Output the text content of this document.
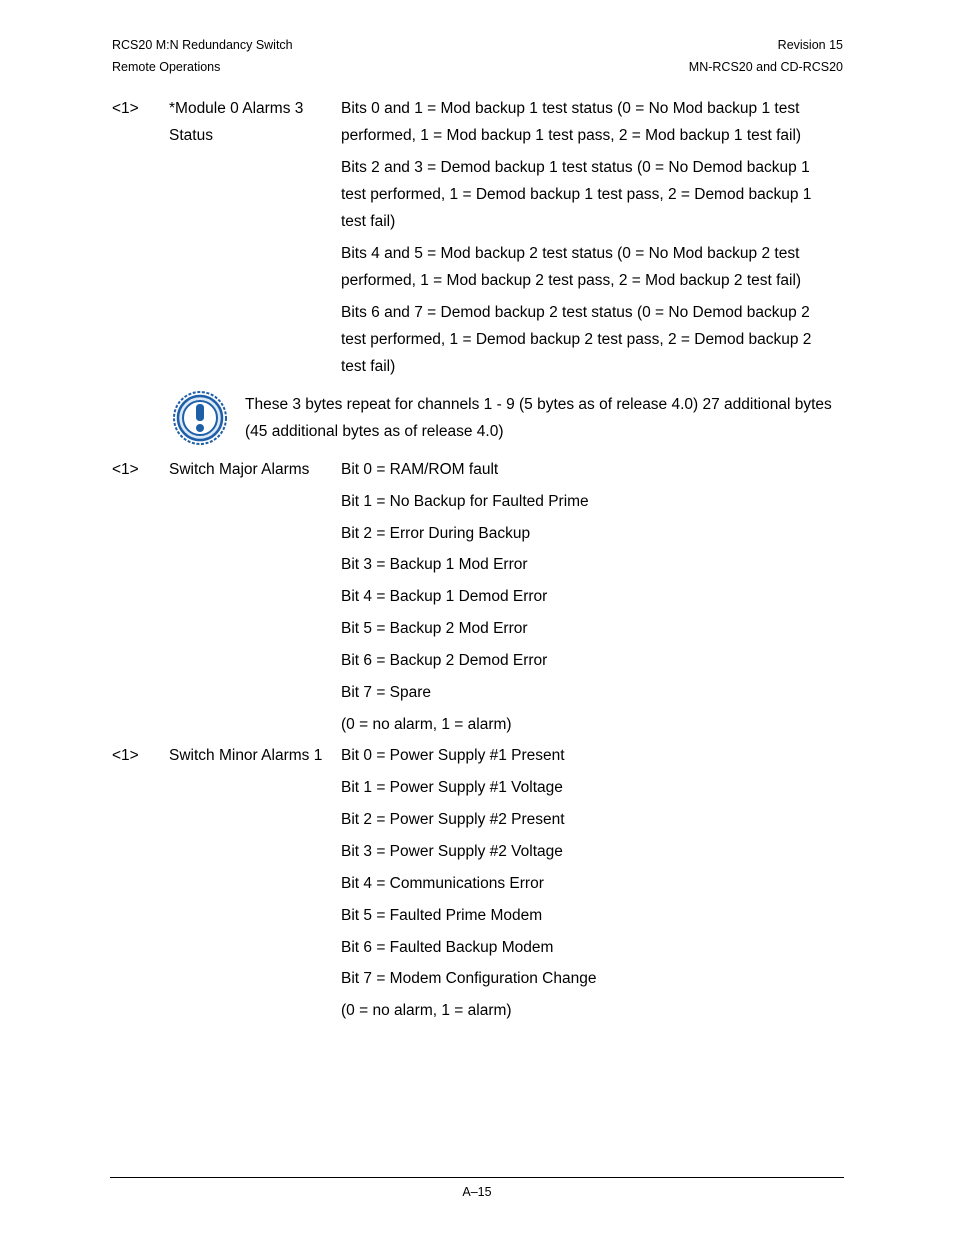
RCS20 M:N Redundancy Switch
Remote Operations
Revision 15
MN-RCS20 and CD-RCS20
<1> *Module 0 Alarms 3
Status
Bits 0 and 1 = Mod backup 1 test status (0 = No Mod backup 1 test
performed, 1 = Mod backup 1 test pass, 2 = Mod backup 1 test fail)
Bits 2 and 3 = Demod backup 1 test status (0 = No Demod backup 1
test performed, 1 = Demod backup 1 test pass, 2 = Demod backup 1
test fail)
Bits 4 and 5 = Mod backup 2 test status (0 = No Mod backup 2 test
performed, 1 = Mod backup 2 test pass, 2 = Mod backup 2 test fail)
Bits 6 and 7 = Demod backup 2 test status (0 = No Demod backup 2
test performed, 1 = Demod backup 2 test pass, 2 = Demod backup 2
test fail)
These 3 bytes repeat for channels 1 - 9 (5 bytes as of release 4.0) 27 additional bytes
(45 additional bytes as of release 4.0)
<1> Switch Major Alarms Bit 0 = RAM/ROM fault
Bit 1 = No Backup for Faulted Prime
Bit 2 = Error During Backup
Bit 3 = Backup 1 Mod Error
Bit 4 = Backup 1 Demod Error
Bit 5 = Backup 2 Mod Error
Bit 6 = Backup 2 Demod Error
Bit 7 = Spare
(0 = no alarm, 1 = alarm)
<1> Switch Minor Alarms 1 Bit 0 = Power Supply #1 Present
Bit 1 = Power Supply #1 Voltage
Bit 2 = Power Supply #2 Present
Bit 3 = Power Supply #2 Voltage
Bit 4 = Communications Error
Bit 5 = Faulted Prime Modem
Bit 6 = Faulted Backup Modem
Bit 7 = Modem Configuration Change
(0 = no alarm, 1 = alarm)
A–15
